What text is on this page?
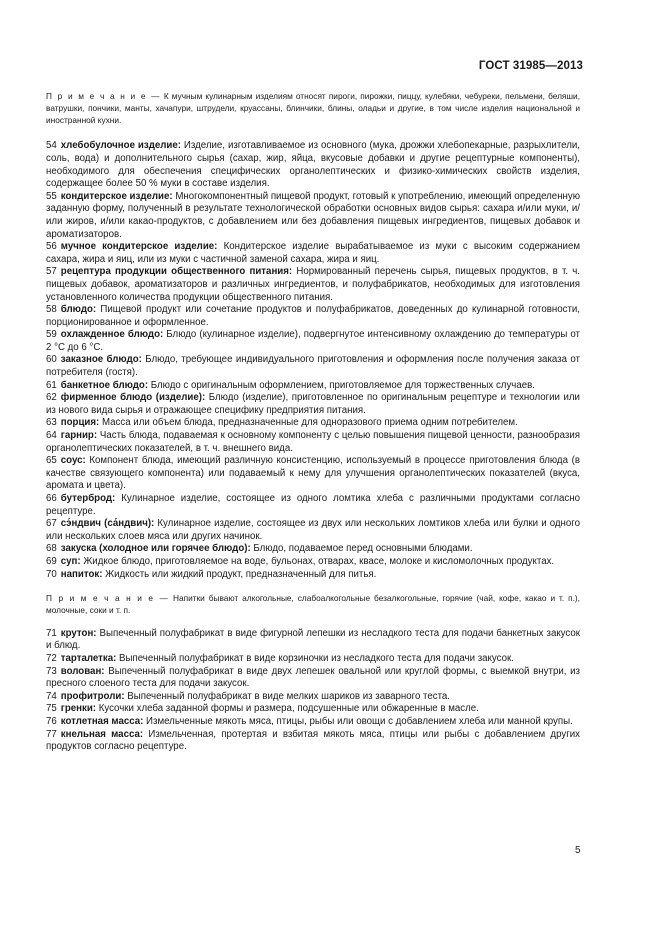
ГОСТ 31985—2013

П р и м е ч а н и е — К мучным кулинарным изделиям относят пироги, пирожки, пиццу, кулебяки, чебуреки, пельмени, беляши, ватрушки, пончики, манты, хачапури, штрудели, круассаны, блинчики, блины, оладьи и другие, в том числе изделия национальной и иностранной кухни.

54 хлебобулочное изделие: Изделие, изготавливаемое из основного (мука, дрожжи хлебопекарные, разрыхлители, соль, вода) и дополнительного сырья (сахар, жир, яйца, вкусовые добавки и другие рецептурные компоненты), необходимого для обеспечения специфических органолептических и физико-химических свойств изделия, содержащее более 50 % муки в составе изделия.

55 кондитерское изделие: Многокомпонентный пищевой продукт, готовый к употреблению, имеющий определенную заданную форму, полученный в результате технологической обработки основных видов сырья: сахара и/или муки, и/или жиров, и/или какао-продуктов, с добавлением или без добавления пищевых ингредиентов, пищевых добавок и ароматизаторов.

56 мучное кондитерское изделие: Кондитерское изделие вырабатываемое из муки с высоким содержанием сахара, жира и яиц, или из муки с частичной заменой сахара, жира и яиц.

57 рецептура продукции общественного питания: Нормированный перечень сырья, пищевых продуктов, в т. ч. пищевых добавок, ароматизаторов и различных ингредиентов, и полуфабрикатов, необходимых для изготовления установленного количества продукции общественного питания.

58 блюдо: Пищевой продукт или сочетание продуктов и полуфабрикатов, доведенных до кулинарной готовности, порционированное и оформленное.

59 охлажденное блюдо: Блюдо (кулинарное изделие), подвергнутое интенсивному охлаждению до температуры от 2 °С до 6 °С.

60 заказное блюдо: Блюдо, требующее индивидуального приготовления и оформления после получения заказа от потребителя (гостя).

61 банкетное блюдо: Блюдо с оригинальным оформлением, приготовляемое для торжественных случаев.

62 фирменное блюдо (изделие): Блюдо (изделие), приготовленное по оригинальным рецептуре и технологии или из нового вида сырья и отражающее специфику предприятия питания.

63 порция: Масса или объем блюда, предназначенные для одноразового приема одним потребителем.

64 гарнир: Часть блюда, подаваемая к основному компоненту с целью повышения пищевой ценности, разнообразия органолептических показателей, в т. ч. внешнего вида.

65 соус: Компонент блюда, имеющий различную консистенцию, используемый в процессе приготовления блюда (в качестве связующего компонента) или подаваемый к нему для улучшения органолептических показателей (вкуса, аромата и цвета).

66 бутерброд: Кулинарное изделие, состоящее из одного ломтика хлеба с различными продуктами согласно рецептуре.

67 сэ́ндвич (са́ндвич): Кулинарное изделие, состоящее из двух или нескольких ломтиков хлеба или булки и одного или нескольких слоев мяса или других начинок.

68 закуска (холодное или горячее блюдо): Блюдо, подаваемое перед основными блюдами.

69 суп: Жидкое блюдо, приготовляемое на воде, бульонах, отварах, квасе, молоке и кисломолочных продуктах.

70 напиток: Жидкость или жидкий продукт, предназначенный для питья.

П р и м е ч а н и е — Напитки бывают алкогольные, слабоалкогольные безалкогольные, горячие (чай, кофе, какао и т. п.), молочные, соки и т. п.

71 крутон: Выпеченный полуфабрикат в виде фигурной лепешки из несладкого теста для подачи банкетных закусок и блюд.

72 тарталетка: Выпеченный полуфабрикат в виде корзиночки из несладкого теста для подачи закусок.

73 волован: Выпеченный полуфабрикат в виде двух лепешек овальной или круглой формы, с выемкой внутри, из пресного слоеного теста для подачи закусок.

74 профитроли: Выпеченный полуфабрикат в виде мелких шариков из заварного теста.

75 гренки: Кусочки хлеба заданной формы и размера, подсушенные или обжаренные в масле.

76 котлетная масса: Измельченные мякоть мяса, птицы, рыбы или овощи с добавлением хлеба или манной крупы.

77 кнельная масса: Измельченная, протертая и взбитая мякоть мяса, птицы или рыбы с добавлением других продуктов согласно рецептуре.

5
